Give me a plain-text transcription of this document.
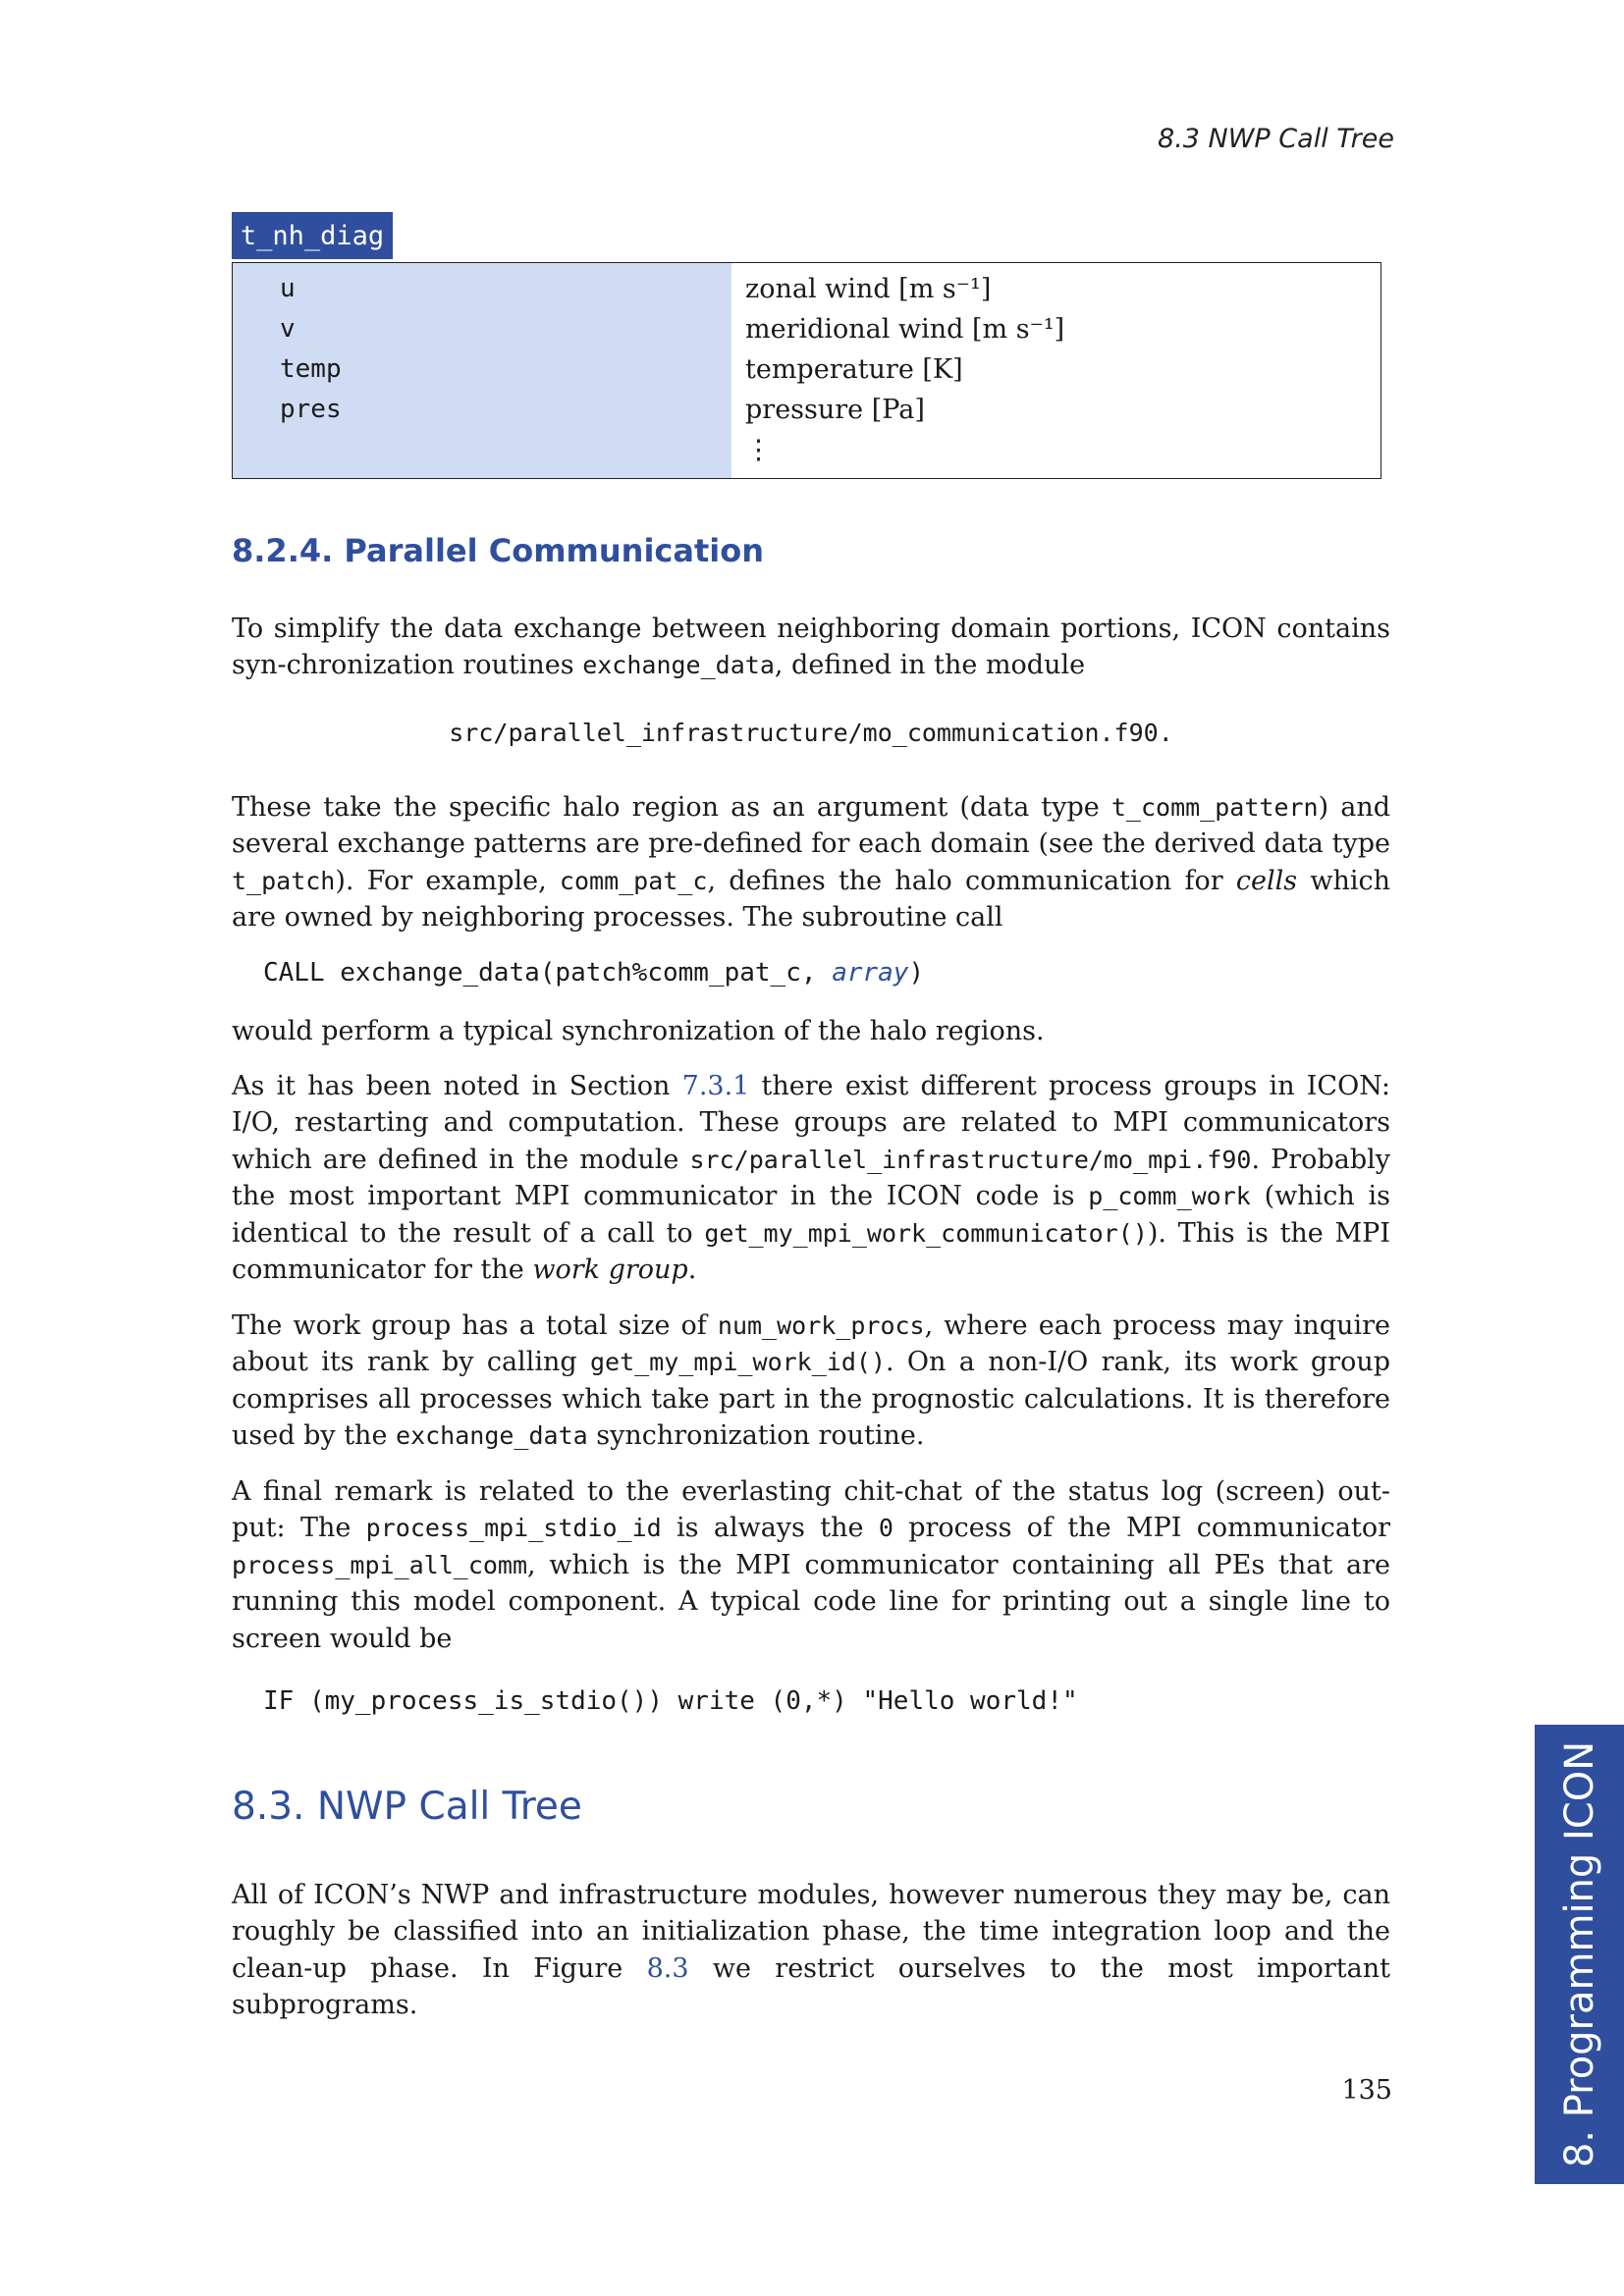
8.3 NWP Call Tree
t_nh_diag
u
v
temp
pres
zonal wind [m s⁻¹]
meridional wind [m s⁻¹]
temperature [K]
pressure [Pa]
⋮
8.2.4. Parallel Communication
To simplify the data exchange between neighboring domain portions, ICON contains syn-chronization routines exchange_data, defined in the module
src/parallel_infrastructure/mo_communication.f90.
These take the specific halo region as an argument (data type t_comm_pattern) and several exchange patterns are pre-defined for each domain (see the derived data type t_patch). For example, comm_pat_c, defines the halo communication for cells which are owned by neighboring processes. The subroutine call
CALL exchange_data(patch%comm_pat_c, array)
would perform a typical synchronization of the halo regions.
As it has been noted in Section 7.3.1 there exist different process groups in ICON: I/O, restarting and computation. These groups are related to MPI communicators which are defined in the module src/parallel_infrastructure/mo_mpi.f90. Probably the most important MPI communicator in the ICON code is p_comm_work (which is identical to the result of a call to get_my_mpi_work_communicator()). This is the MPI communicator for the work group.
The work group has a total size of num_work_procs, where each process may inquire about its rank by calling get_my_mpi_work_id(). On a non-I/O rank, its work group comprises all processes which take part in the prognostic calculations. It is therefore used by the exchange_data synchronization routine.
A final remark is related to the everlasting chit-chat of the status log (screen) out-put: The process_mpi_stdio_id is always the 0 process of the MPI communicator process_mpi_all_comm, which is the MPI communicator containing all PEs that are running this model component. A typical code line for printing out a single line to screen would be
IF (my_process_is_stdio()) write (0,*) "Hello world!"
8.3. NWP Call Tree
All of ICON’s NWP and infrastructure modules, however numerous they may be, can roughly be classified into an initialization phase, the time integration loop and the clean-up phase. In Figure 8.3 we restrict ourselves to the most important subprograms.
135	8. Programming ICON
